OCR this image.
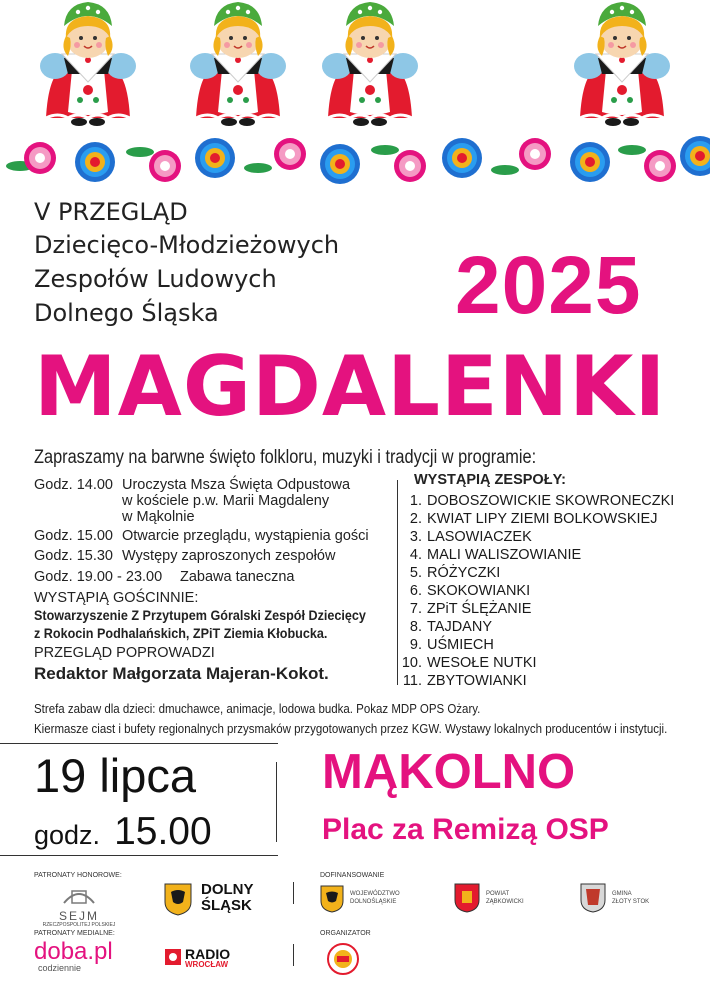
V PRZEGLĄD
Dziecięco-Młodzieżowych
Zespołów Ludowych
Dolnego Śląska	2025
MAGDALENKI
Zapraszamy na barwne święto folkloru, muzyki i tradycji w programie:
Godz. 14.00 Uroczysta Msza Święta Odpustowa
w kościele p.w. Marii Magdaleny
w Mąkolnie
Godz. 15.00 Otwarcie przeglądu, wystąpienia gości
Godz. 15.30 Występy zaproszonych zespołów
Godz. 19.00 - 23.00 Zabawa taneczna
WYSTĄPIĄ GOŚCINNIE:
Stowarzyszenie Z Przytupem Góralski Zespół Dziecięcy
z Rokocin Podhalańskich, ZPiT Ziemia Kłobucka.
PRZEGLĄD POPROWADZI
Redaktor Małgorzata Majeran-Kokot.
WYSTĄPIĄ ZESPOŁY:
1. DOBOSZOWICKIE SKOWRONECZKI
2. KWIAT LIPY ZIEMI BOLKOWSKIEJ
3. LASOWIACZEK
4. MALI WALISZOWIANIE
5. RÓŻYCZKI
6. SKOKOWIANKI
7. ZPiT ŚLĘŻANIE
8. TAJDANY
9. UŚMIECH
10. WESOŁE NUTKI
11. ZBYTOWIANKI
Strefa zabaw dla dzieci: dmuchawce, animacje, lodowa budka. Pokaz MDP OPS Ożary.
Kiermasze ciast i bufety regionalnych przysmaków przygotowanych przez KGW. Wystawy lokalnych producentów i instytucji.
19 lipca
godz. 15.00
MĄKOLNO
Plac za Remizą OSP
PATRONATY HONOROWE:
SEJM
RZECZPOSPOLITEJ POLSKIEJ
DOLNY
ŚLĄSK
DOFINANSOWANIE
WOJEWÓDZTWO
DOLNOŚLĄSKIE
POWIAT
ZĄBKOWICKI
GMINA
ZŁOTY STOK
PATRONATY MEDIALNE:
doba.pl
codziennie
RADIO
WROCŁAW
ORGANIZATOR
